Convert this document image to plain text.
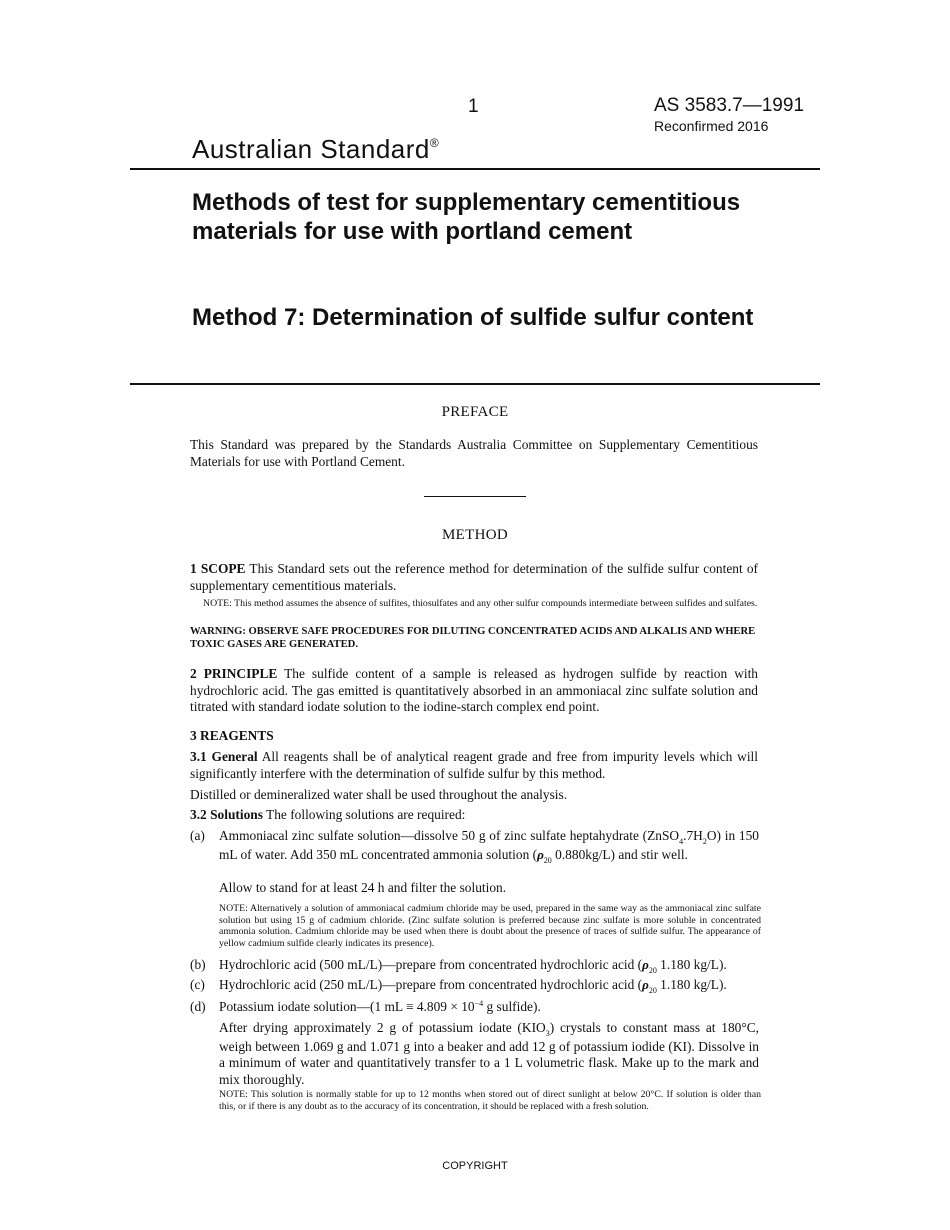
1	AS 3583.7—1991
Reconfirmed 2016
Australian Standard®
Methods of test for supplementary cementitious materials for use with portland cement
Method 7: Determination of sulfide sulfur content
PREFACE
This Standard was prepared by the Standards Australia Committee on Supplementary Cementitious Materials for use with Portland Cement.
METHOD
1 SCOPE This Standard sets out the reference method for determination of the sulfide sulfur content of supplementary cementitious materials.
NOTE: This method assumes the absence of sulfites, thiosulfates and any other sulfur compounds intermediate between sulfides and sulfates.
WARNING: OBSERVE SAFE PROCEDURES FOR DILUTING CONCENTRATED ACIDS AND ALKALIS AND WHERE TOXIC GASES ARE GENERATED.
2 PRINCIPLE The sulfide content of a sample is released as hydrogen sulfide by reaction with hydrochloric acid. The gas emitted is quantitatively absorbed in an ammoniacal zinc sulfate solution and titrated with standard iodate solution to the iodine-starch complex end point.
3 REAGENTS
3.1 General All reagents shall be of analytical reagent grade and free from impurity levels which will significantly interfere with the determination of sulfide sulfur by this method.
Distilled or demineralized water shall be used throughout the analysis.
3.2 Solutions The following solutions are required:
(a) Ammoniacal zinc sulfate solution—dissolve 50 g of zinc sulfate heptahydrate $(ZnSO_4.7H_2O)$ in 150 mL of water. Add 350 mL concentrated ammonia solution ($\rho_{20}$ 0.880kg/L) and stir well.
Allow to stand for at least 24 h and filter the solution.
NOTE: Alternatively a solution of ammoniacal cadmium chloride may be used, prepared in the same way as the ammoniacal zinc sulfate solution but using 15 g of cadmium chloride. (Zinc sulfate solution is preferred because zinc sulfate is more soluble in concentrated ammonia solution. Cadmium chloride may be used when there is doubt about the presence of traces of sulfide sulfur. The appearance of yellow cadmium sulfide clearly indicates its presence).
(b) Hydrochloric acid (500 mL/L)—prepare from concentrated hydrochloric acid ($\rho_{20}$ 1.180 kg/L).
(c) Hydrochloric acid (250 mL/L)—prepare from concentrated hydrochloric acid ($\rho_{20}$ 1.180 kg/L).
(d) Potassium iodate solution—(1 mL ≡ $4.809 \times 10^{-4}$ g sulfide).
After drying approximately 2 g of potassium iodate $(KIO_3)$ crystals to constant mass at 180°C, weigh between 1.069 g and 1.071 g into a beaker and add 12 g of potassium iodide (KI). Dissolve in a minimum of water and quantitatively transfer to a 1 L volumetric flask. Make up to the mark and mix thoroughly.
NOTE: This solution is normally stable for up to 12 months when stored out of direct sunlight at below 20°C. If solution is older than this, or if there is any doubt as to the accuracy of its concentration, it should be replaced with a fresh solution.
COPYRIGHT
